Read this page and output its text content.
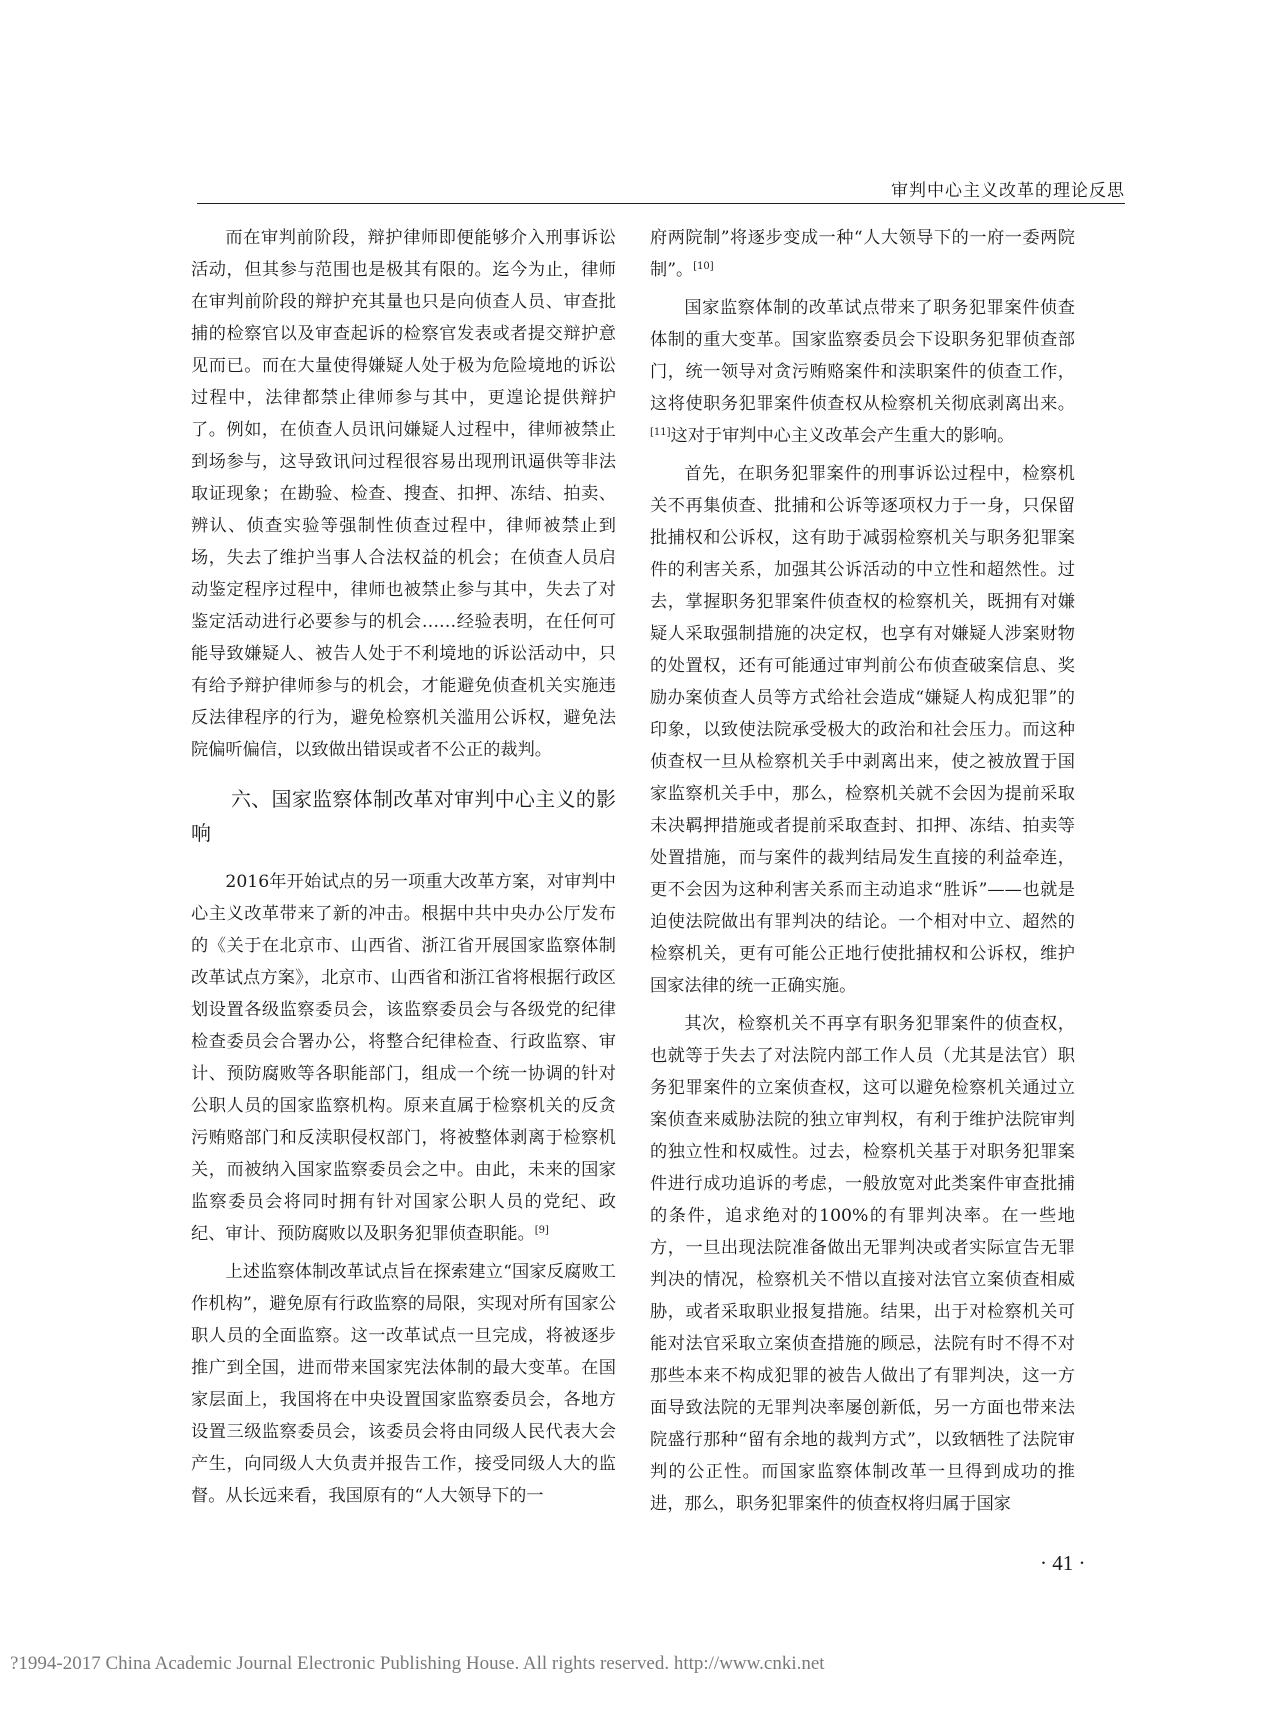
审判中心主义改革的理论反思

而在审判前阶段，辩护律师即便能够介入刑事诉讼活动，但其参与范围也是极其有限的。迄今为止，律师在审判前阶段的辩护充其量也只是向侦查人员、审查批捕的检察官以及审查起诉的检察官发表或者提交辩护意见而已。而在大量使得嫌疑人处于极为危险境地的诉讼过程中，法律都禁止律师参与其中，更遑论提供辩护了。例如，在侦查人员讯问嫌疑人过程中，律师被禁止到场参与，这导致讯问过程很容易出现刑讯逼供等非法取证现象；在勘验、检查、搜查、扣押、冻结、拍卖、辨认、侦查实验等强制性侦查过程中，律师被禁止到场，失去了维护当事人合法权益的机会；在侦查人员启动鉴定程序过程中，律师也被禁止参与其中，失去了对鉴定活动进行必要参与的机会……经验表明，在任何可能导致嫌疑人、被告人处于不利境地的诉讼活动中，只有给予辩护律师参与的机会，才能避免侦查机关实施违反法律程序的行为，避免检察机关滥用公诉权，避免法院偏听偏信，以致做出错误或者不公正的裁判。

六、国家监察体制改革对审判中心主义的影响

2016年开始试点的另一项重大改革方案，对审判中心主义改革带来了新的冲击。根据中共中央办公厅发布的《关于在北京市、山西省、浙江省开展国家监察体制改革试点方案》，北京市、山西省和浙江省将根据行政区划设置各级监察委员会，该监察委员会与各级党的纪律检查委员会合署办公，将整合纪律检查、行政监察、审计、预防腐败等各职能部门，组成一个统一协调的针对公职人员的国家监察机构。原来直属于检察机关的反贪污贿赂部门和反渎职侵权部门，将被整体剥离于检察机关，而被纳入国家监察委员会之中。由此，未来的国家监察委员会将同时拥有针对国家公职人员的党纪、政纪、审计、预防腐败以及职务犯罪侦查职能。[9]

上述监察体制改革试点旨在探索建立“国家反腐败工作机构”，避免原有行政监察的局限，实现对所有国家公职人员的全面监察。这一改革试点一旦完成，将被逐步推广到全国，进而带来国家宪法体制的最大变革。在国家层面上，我国将在中央设置国家监察委员会，各地方设置三级监察委员会，该委员会将由同级人民代表大会产生，向同级人大负责并报告工作，接受同级人大的监督。从长远来看，我国原有的“人大领导下的一

府两院制”将逐步变成一种“人大领导下的一府一委两院制”。[10]

国家监察体制的改革试点带来了职务犯罪案件侦查体制的重大变革。国家监察委员会下设职务犯罪侦查部门，统一领导对贪污贿赂案件和渎职案件的侦查工作，这将使职务犯罪案件侦查权从检察机关彻底剥离出来。[11]这对于审判中心主义改革会产生重大的影响。

首先，在职务犯罪案件的刑事诉讼过程中，检察机关不再集侦查、批捕和公诉等逐项权力于一身，只保留批捕权和公诉权，这有助于减弱检察机关与职务犯罪案件的利害关系，加强其公诉活动的中立性和超然性。过去，掌握职务犯罪案件侦查权的检察机关，既拥有对嫌疑人采取强制措施的决定权，也享有对嫌疑人涉案财物的处置权，还有可能通过审判前公布侦查破案信息、奖励办案侦查人员等方式给社会造成“嫌疑人构成犯罪”的印象，以致使法院承受极大的政治和社会压力。而这种侦查权一旦从检察机关手中剥离出来，使之被放置于国家监察机关手中，那么，检察机关就不会因为提前采取未决羁押措施或者提前采取查封、扣押、冻结、拍卖等处置措施，而与案件的裁判结局发生直接的利益牵连，更不会因为这种利害关系而主动追求“胜诉”——也就是迫使法院做出有罪判决的结论。一个相对中立、超然的检察机关，更有可能公正地行使批捕权和公诉权，维护国家法律的统一正确实施。

其次，检察机关不再享有职务犯罪案件的侦查权，也就等于失去了对法院内部工作人员（尤其是法官）职务犯罪案件的立案侦查权，这可以避免检察机关通过立案侦查来威胁法院的独立审判权，有利于维护法院审判的独立性和权威性。过去，检察机关基于对职务犯罪案件进行成功追诉的考虑，一般放宽对此类案件审查批捕的条件，追求绝对的100%的有罪判决率。在一些地方，一旦出现法院准备做出无罪判决或者实际宣告无罪判决的情况，检察机关不惜以直接对法官立案侦查相威胁，或者采取职业报复措施。结果，出于对检察机关可能对法官采取立案侦查措施的顾忌，法院有时不得不对那些本来不构成犯罪的被告人做出了有罪判决，这一方面导致法院的无罪判决率屡创新低，另一方面也带来法院盛行那种“留有余地的裁判方式”，以致牺牲了法院审判的公正性。而国家监察体制改革一旦得到成功的推进，那么，职务犯罪案件的侦查权将归属于国家

· 41 ·
?1994-2017 China Academic Journal Electronic Publishing House. All rights reserved. http://www.cnki.net
